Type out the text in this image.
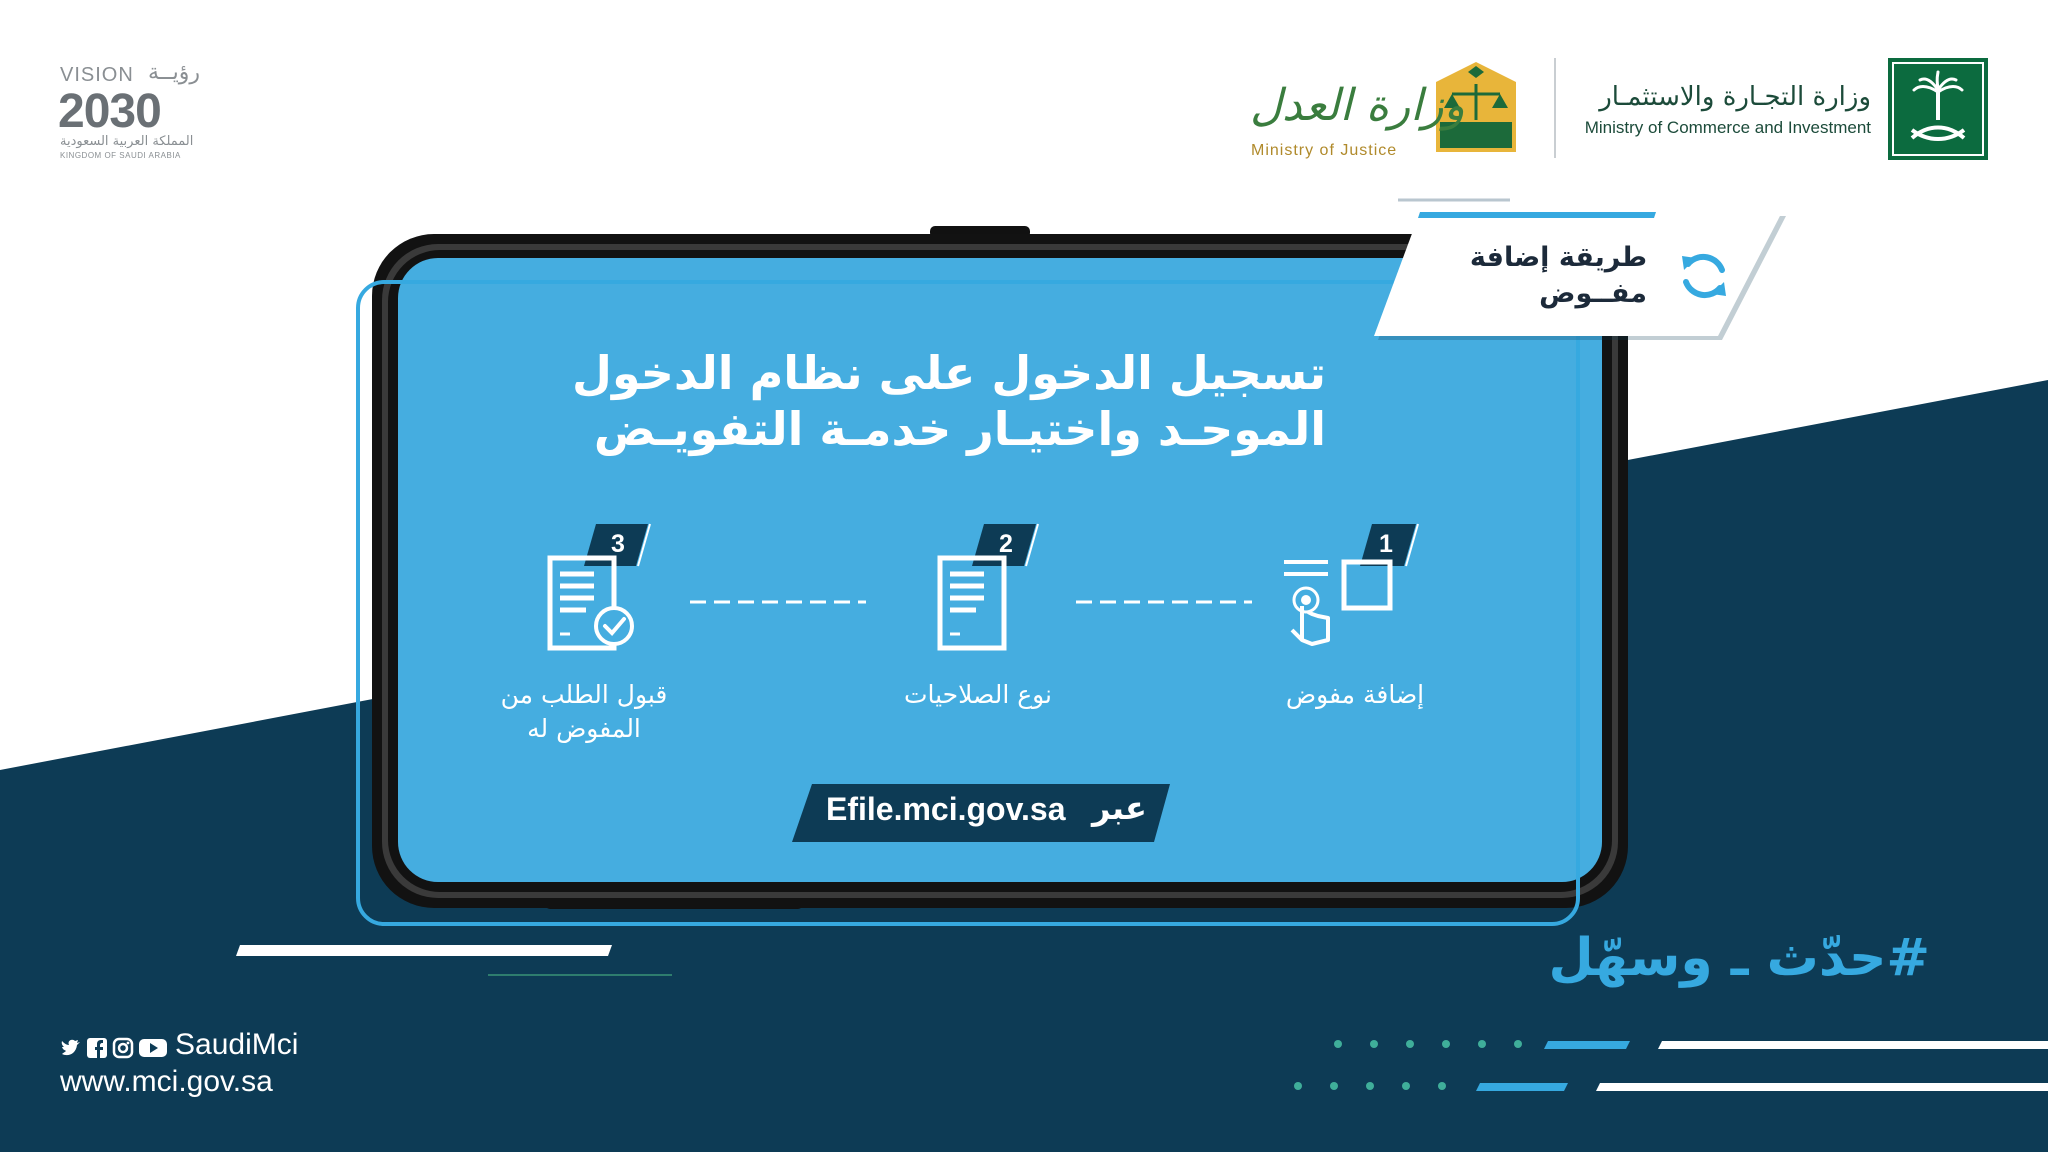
طريقة إضافة
مفــوض
وزارة التجـارة والاستثمـار
Ministry of Commerce and Investment
وزارة العدل
Ministry of Justice
VISION رؤيــة
2030
المملكة العربية السعودية
KINGDOM OF SAUDI ARABIA
تسجيل الدخول على نظام الدخول
الموحـد واختيـار خدمـة التفويـض
1
إضافة مفوض
2
نوع الصلاحيات
3
قبول الطلب من
المفوض له
Efile.mci.gov.sa عبر
#حدّث ـ وسهّل
SaudiMci
www.mci.gov.sa
